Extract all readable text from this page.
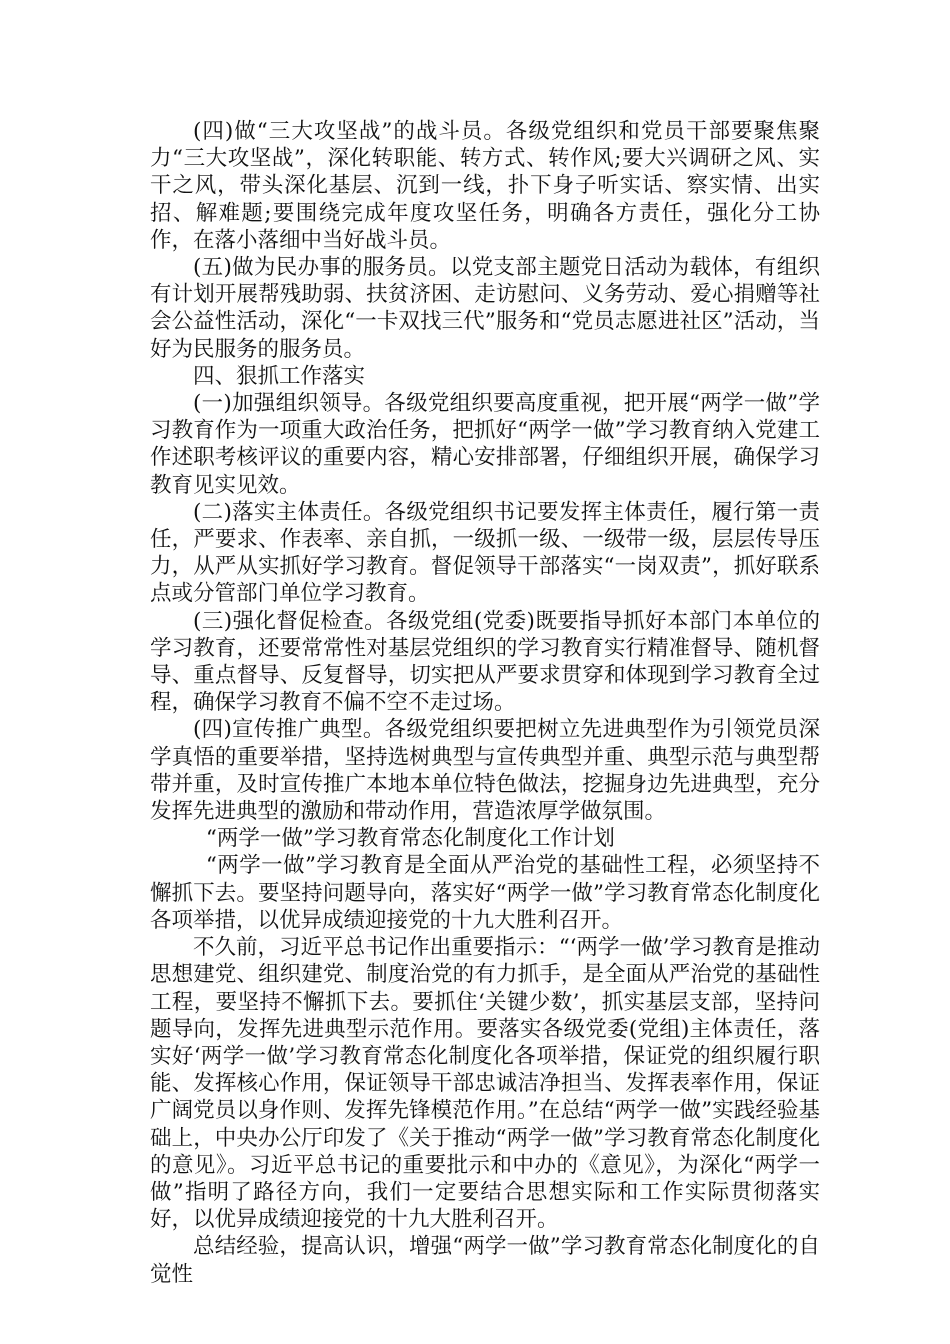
(四)做“三大攻坚战”的战斗员。各级党组织和党员干部要聚焦聚力“三大攻坚战”，深化转职能、转方式、转作风;要大兴调研之风、实干之风，带头深化基层、沉到一线，扑下身子听实话、察实情、出实招、解难题;要围绕完成年度攻坚任务，明确各方责任，强化分工协作，在落小落细中当好战斗员。

(五)做为民办事的服务员。以党支部主题党日活动为载体，有组织有计划开展帮残助弱、扶贫济困、走访慰问、义务劳动、爱心捐赠等社会公益性活动，深化“一卡双找三代”服务和“党员志愿进社区”活动，当好为民服务的服务员。

四、狠抓工作落实

(一)加强组织领导。各级党组织要高度重视，把开展“两学一做”学习教育作为一项重大政治任务，把抓好“两学一做”学习教育纳入党建工作述职考核评议的重要内容，精心安排部署，仔细组织开展，确保学习教育见实见效。

(二)落实主体责任。各级党组织书记要发挥主体责任，履行第一责任，严要求、作表率、亲自抓，一级抓一级、一级带一级，层层传导压力，从严从实抓好学习教育。督促领导干部落实“一岗双责”，抓好联系点或分管部门单位学习教育。

(三)强化督促检查。各级党组(党委)既要指导抓好本部门本单位的学习教育，还要常常性对基层党组织的学习教育实行精准督导、随机督导、重点督导、反复督导，切实把从严要求贯穿和体现到学习教育全过程，确保学习教育不偏不空不走过场。

(四)宣传推广典型。各级党组织要把树立先进典型作为引领党员深学真悟的重要举措，坚持选树典型与宣传典型并重、典型示范与典型帮带并重，及时宣传推广本地本单位特色做法，挖掘身边先进典型，充分发挥先进典型的激励和带动作用，营造浓厚学做氛围。

“两学一做”学习教育常态化制度化工作计划

“两学一做”学习教育是全面从严治党的基础性工程，必须坚持不懈抓下去。要坚持问题导向，落实好“两学一做”学习教育常态化制度化各项举措，以优异成绩迎接党的十九大胜利召开。

不久前，习近平总书记作出重要指示：“‘两学一做’学习教育是推动思想建党、组织建党、制度治党的有力抓手，是全面从严治党的基础性工程，要坚持不懈抓下去。要抓住‘关键少数’，抓实基层支部，坚持问题导向，发挥先进典型示范作用。要落实各级党委(党组)主体责任，落实好‘两学一做’学习教育常态化制度化各项举措，保证党的组织履行职能、发挥核心作用，保证领导干部忠诚洁净担当、发挥表率作用，保证广阔党员以身作则、发挥先锋模范作用。”在总结“两学一做”实践经验基础上，中央办公厅印发了《关于推动“两学一做”学习教育常态化制度化的意见》。习近平总书记的重要批示和中办的《意见》，为深化“两学一做”指明了路径方向，我们一定要结合思想实际和工作实际贯彻落实好，以优异成绩迎接党的十九大胜利召开。

总结经验，提高认识，增强“两学一做”学习教育常态化制度化的自觉性
